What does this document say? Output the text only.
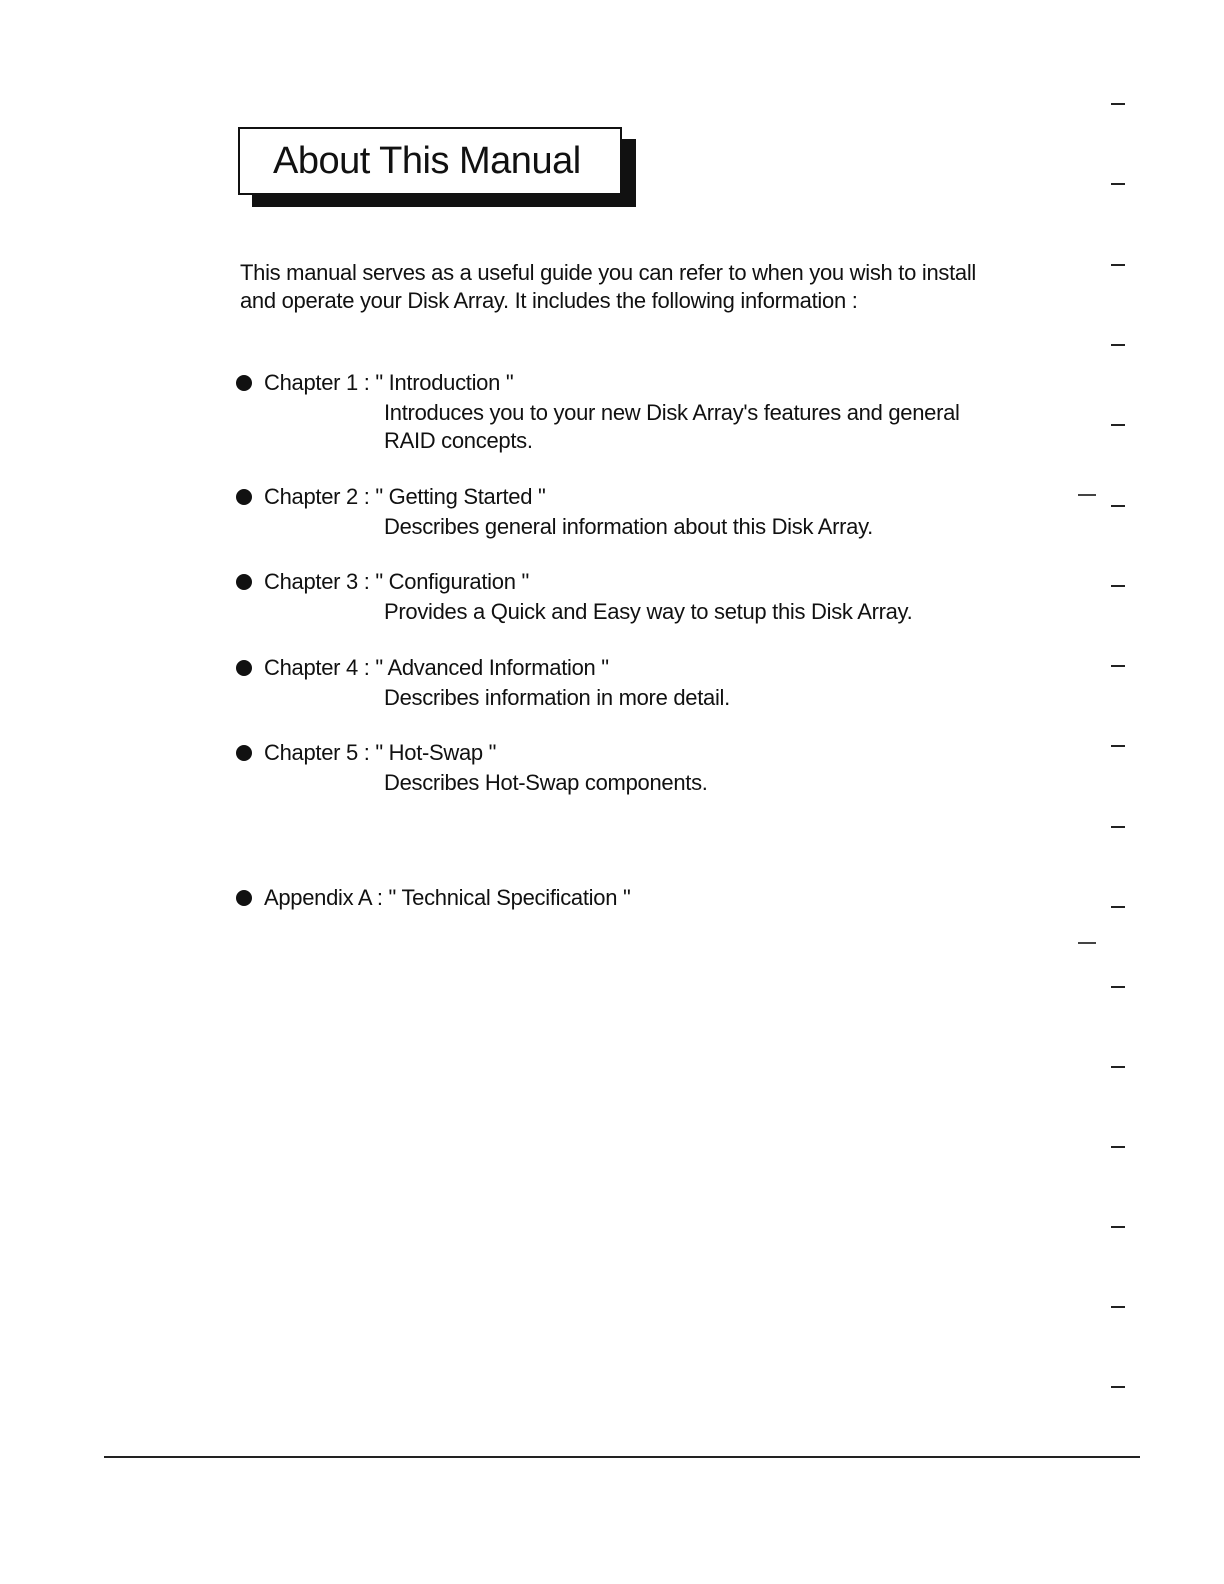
About This Manual
This manual serves as a useful guide you can refer to when you wish to install and operate your Disk Array. It includes the following information :
Chapter 1 : " Introduction "
Introduces you to your new Disk Array's features and general RAID concepts.
Chapter 2 : " Getting Started "
Describes general information about this Disk Array.
Chapter 3 : " Configuration "
Provides a Quick and Easy way to setup this Disk Array.
Chapter 4 : " Advanced Information "
Describes information in more detail.
Chapter 5 : " Hot-Swap "
Describes Hot-Swap components.
Appendix A : " Technical Specification "
